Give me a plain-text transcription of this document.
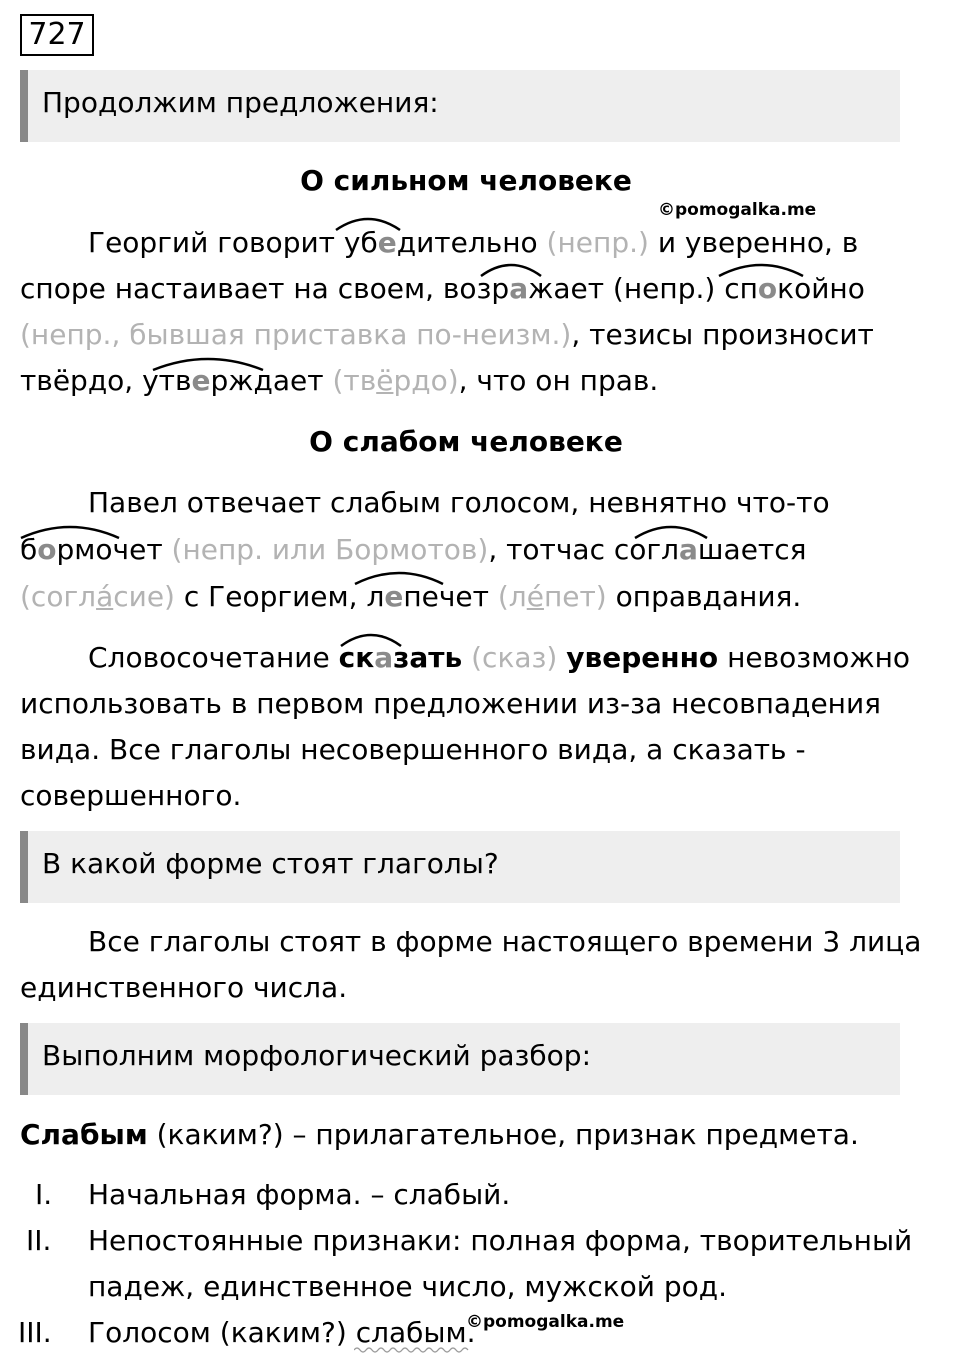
727
Продолжим предложения:
О сильном человеке
©pomogalka.me
Георгий говорит убедительно (непр.) и уверенно, в
споре настаивает на своем, возражает (непр.) спокойно
(непр., бывшая приставка по-неизм.), тезисы произносит
твёрдо, утверждает (твёрдо), что он прав.
О слабом человеке
Павел отвечает слабым голосом, невнятно что-то
бормочет (непр. или Бормотов), тотчас соглашается
(согла́сие) с Георгием, лепечет (ле́пет) оправдания.
Словосочетание сказать (сказ) уверенно невозможно
использовать в первом предложении из-за несовпадения
вида. Все глаголы несовершенного вида, а сказать -
совершенного.
В какой форме стоят глаголы?
Все глаголы стоят в форме настоящего времени 3 лица
единственного числа.
Выполним морфологический разбор:
Слабым (каким?) – прилагательное, признак предмета.
I. Начальная форма. – слабый.
II. Непостоянные признаки: полная форма, творительный
падеж, единственное число, мужской род.
III. Голосом (каким?) слабым.
©pomogalka.me
